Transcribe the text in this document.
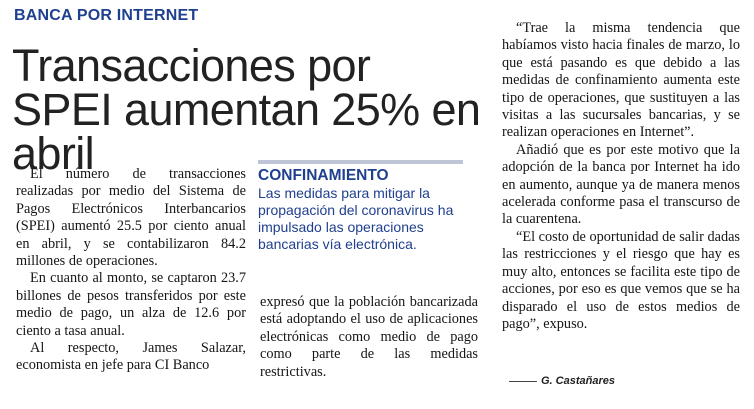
BANCA POR INTERNET
Transacciones por SPEI aumentan 25% en abril

El número de transacciones realizadas por medio del Sistema de Pagos Electrónicos Interbancarios (SPEI) aumentó 25.5 por ciento anual en abril, y se contabilizaron 84.2 millones de operaciones.

En cuanto al monto, se captaron 23.7 billones de pesos transferidos por este medio de pago, un alza de 12.6 por ciento a tasa anual.

Al respecto, James Salazar, economista en jefe para CI Banco

CONFINAMIENTO
Las medidas para mitigar la propagación del coronavirus ha impulsado las operaciones bancarias vía electrónica.

expresó que la población bancarizada está adoptando el uso de aplicaciones electrónicas como medio de pago como parte de las medidas restrictivas.

“Trae la misma tendencia que habíamos visto hacia finales de marzo, lo que está pasando es que debido a las medidas de confinamiento aumenta este tipo de operaciones, que sustituyen a las visitas a las sucursales bancarias, y se realizan operaciones en Internet”.

Añadió que es por este motivo que la adopción de la banca por Internet ha ido en aumento, aunque ya de manera menos acelerada conforme pasa el transcurso de la cuarentena.

“El costo de oportunidad de salir dadas las restricciones y el riesgo que hay es muy alto, entonces se facilita este tipo de acciones, por eso es que vemos que se ha disparado el uso de estos medios de pago”, expuso.

G. Castañares
